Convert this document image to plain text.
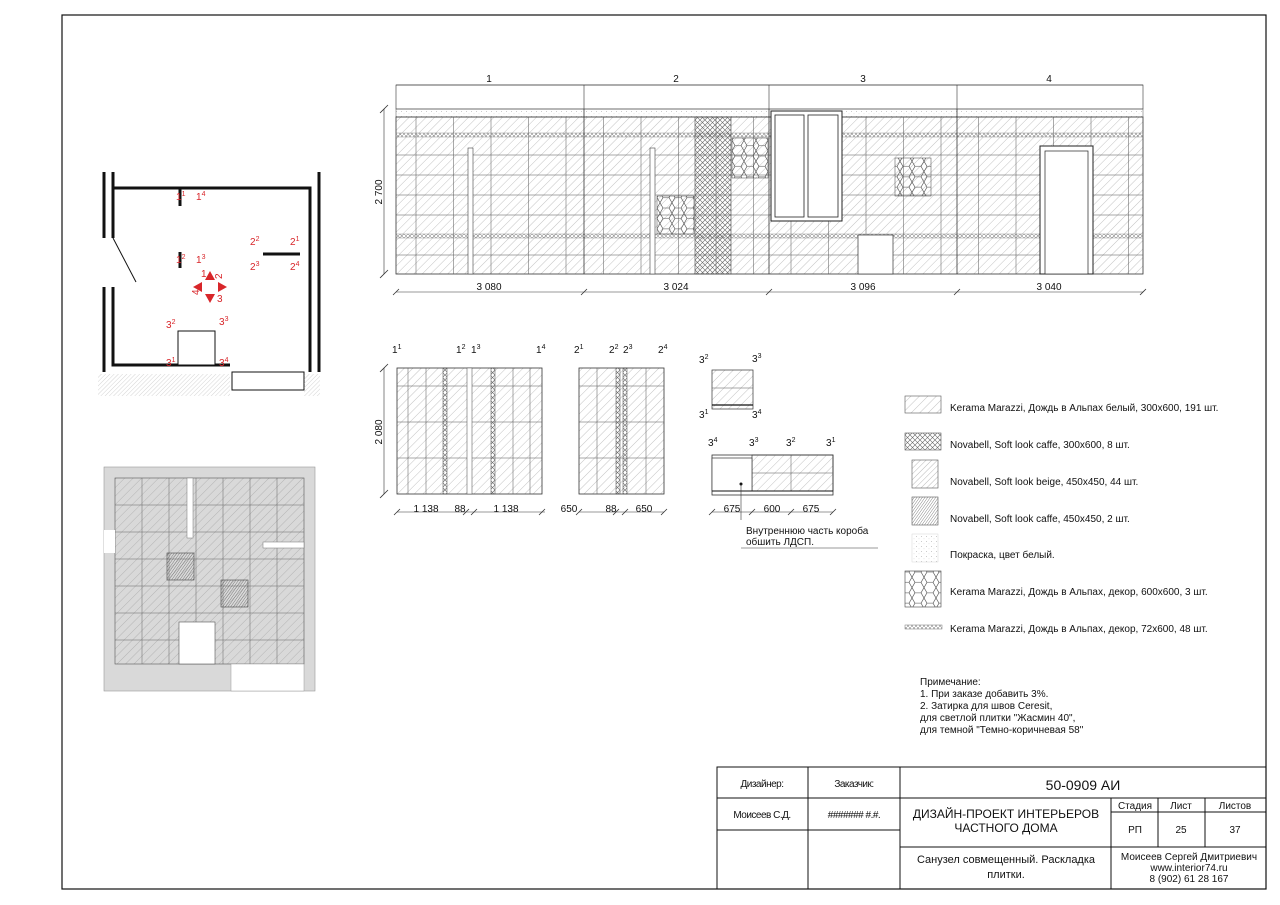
1	2	3	4
2 700
3 080	3 024	3 096	3 040
$1^1$ $1^4$
$1^2$ $1^3$
$2^2$	$2^1$
$2^3$	$2^4$
$3^2$	$3^3$
$3^1$	$3^4$
1 2
3
4
$1^1$	$1^2$ $1^3$	$1^4$
2 080
1 138 88	1 138
$2^1$	$2^2$ $2^3$	$2^4$
650	88 650
$3^2$	$3^3$
$3^1$	$3^4$
$3^4$	$3^3$	$3^2$	$3^1$
675 600 675
Внутреннюю часть короба
обшить ЛДСП.
Kerama Marazzi, Дождь в Альпах белый, 300x600, 191 шт.
Novabell, Soft look caffe, 300x600, 8 шт.
Novabell, Soft look beige, 450x450, 44 шт.
Novabell, Soft look caffe, 450x450, 2 шт.
Покраска, цвет белый.
Kerama Marazzi, Дождь в Альпах, декор, 600x600, 3 шт.
Kerama Marazzi, Дождь в Альпах, декор, 72x600, 48 шт.
Примечание:
1. При заказе добавить 3%.
2. Затирка для швов Ceresit,
для светлой плитки "Жасмин 40",
для темной "Темно-коричневая 58"
Дизайнер:	Заказчик:
Моисеев С.Д.	####### #.#.
50-0909 АИ
ДИЗАЙН-ПРОЕКТ ИНТЕРЬЕРОВ
ЧАСТНОГО ДОМА
Стадия Лист	Листов
РП	25	37
Санузел совмещенный. Раскладка
плитки.
Моисеев Сергей Дмитриевич
www.interior74.ru
8 (902) 61 28 167
